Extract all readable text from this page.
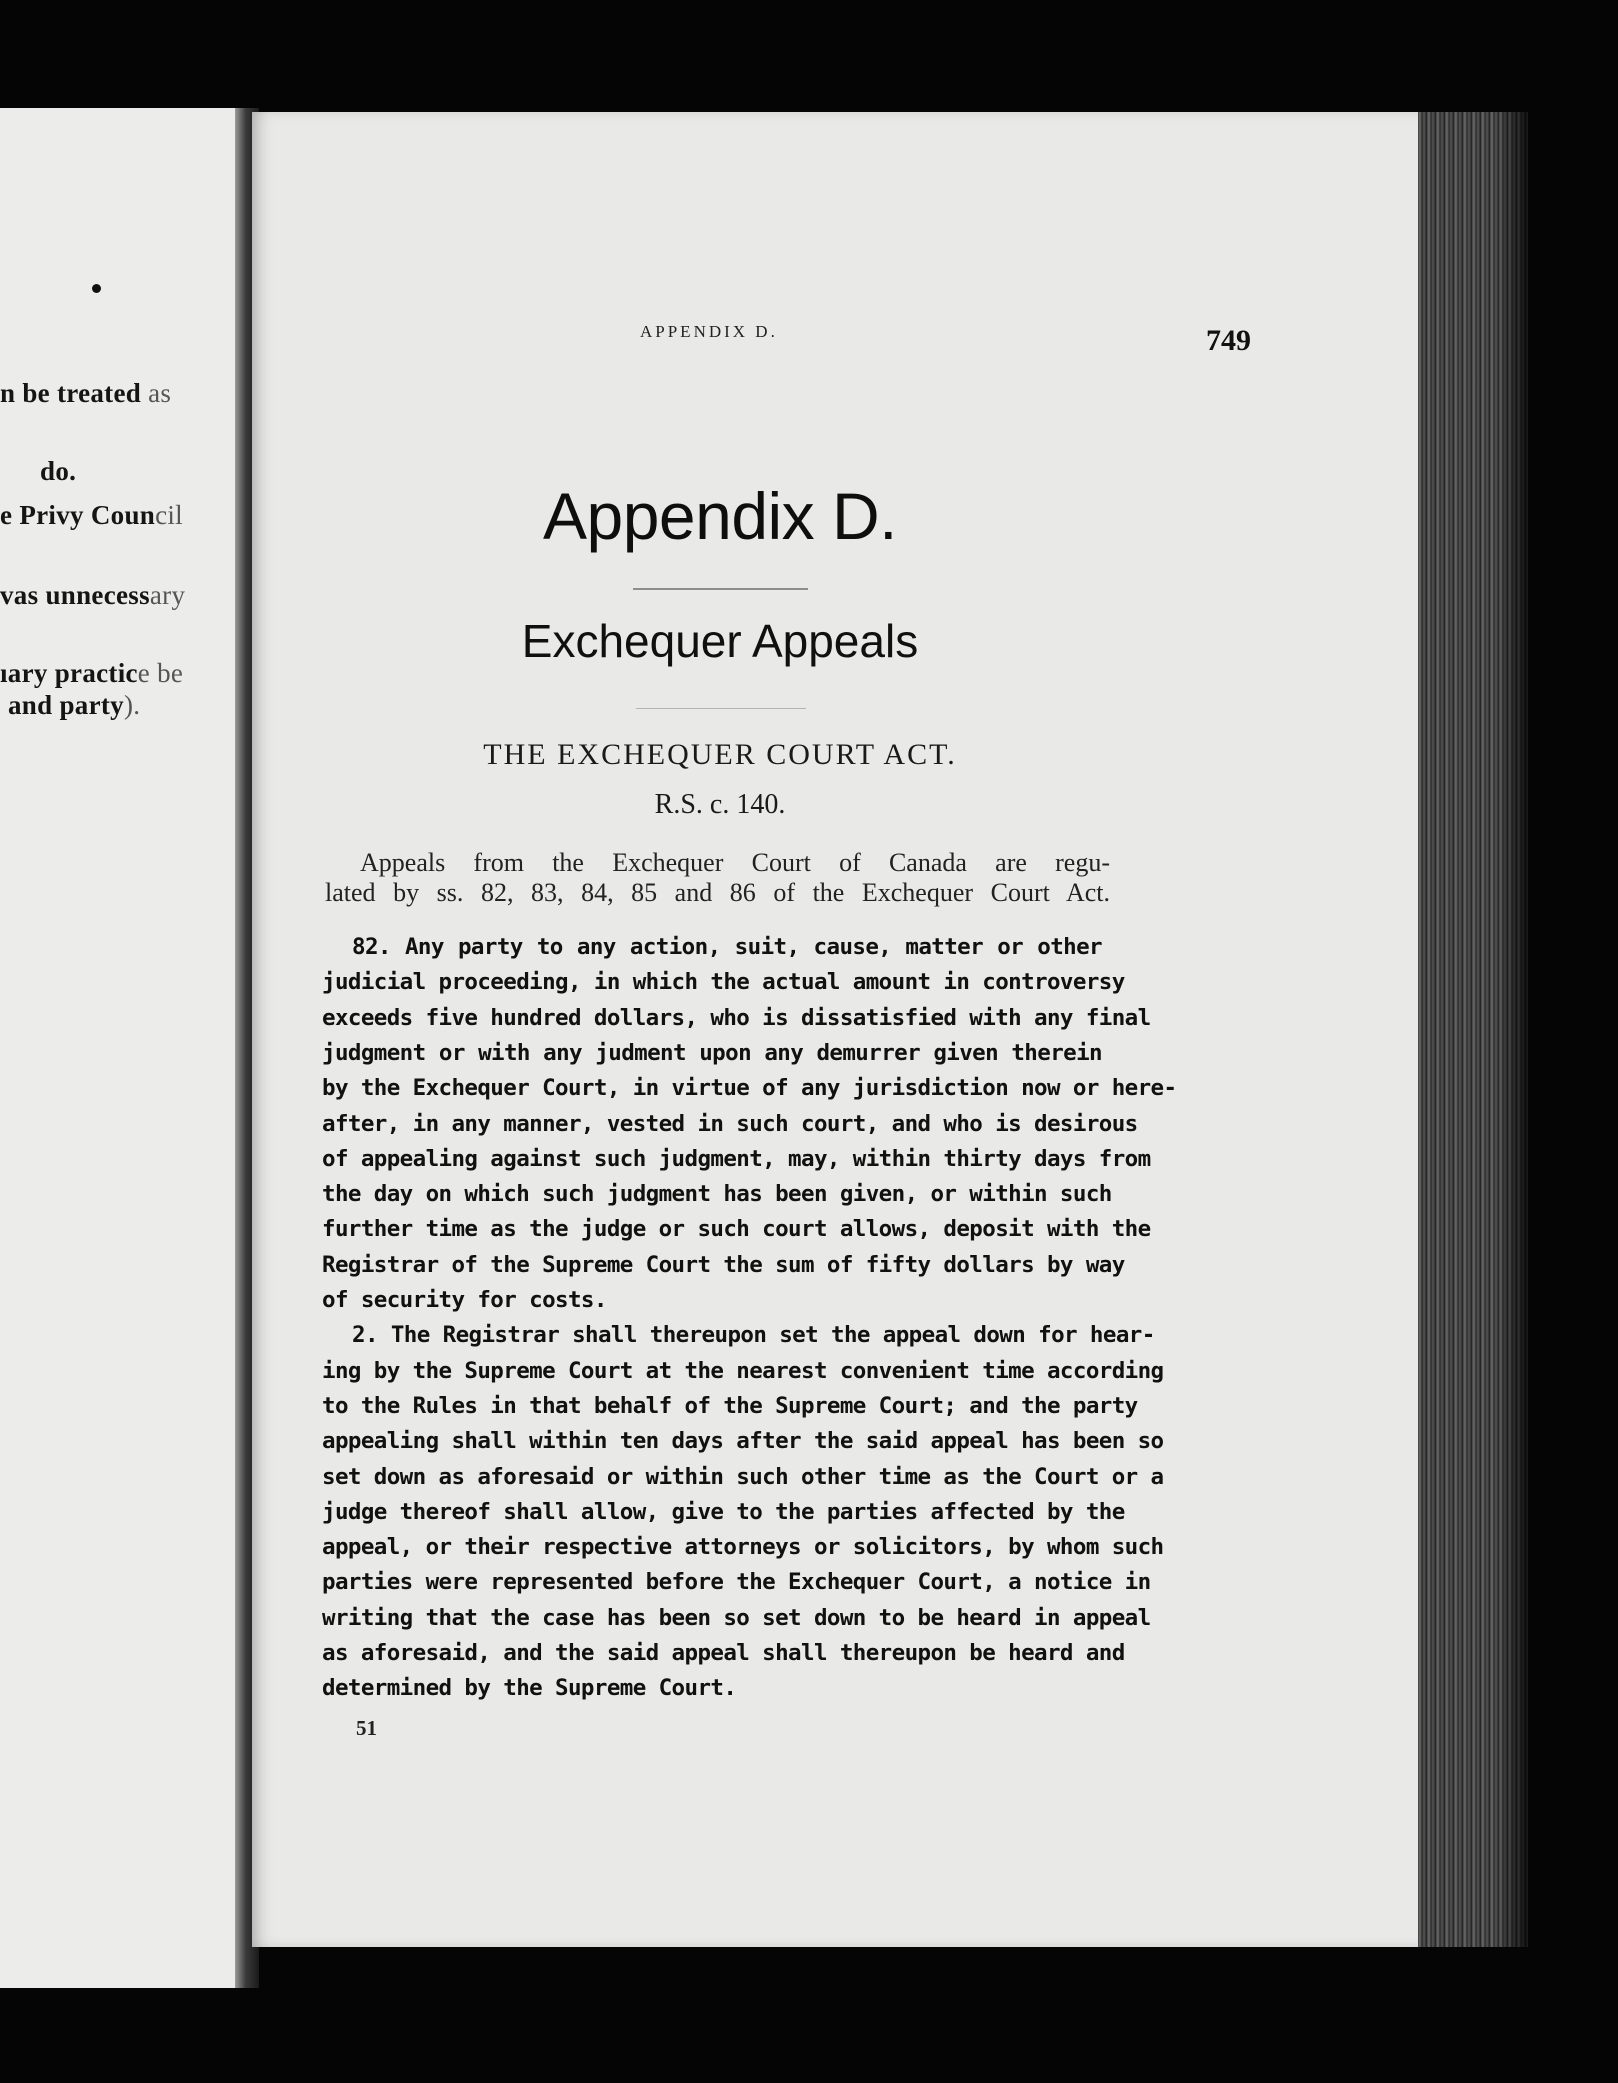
APPENDIX D.	749
Appendix D.
Exchequer Appeals
THE EXCHEQUER COURT ACT.
R.S. c. 140.
Appeals from the Exchequer Court of Canada are regu-
lated by ss. 82, 83, 84, 85 and 86 of the Exchequer Court Act.
82. Any party to any action, suit, cause, matter or other
judicial proceeding, in which the actual amount in controversy
exceeds five hundred dollars, who is dissatisfied with any final
judgment or with any judment upon any demurrer given therein
by the Exchequer Court, in virtue of any jurisdiction now or here-
after, in any manner, vested in such court, and who is desirous
of appealing against such judgment, may, within thirty days from
the day on which such judgment has been given, or within such
further time as the judge or such court allows, deposit with the
Registrar of the Supreme Court the sum of fifty dollars by way
of security for costs.
2. The Registrar shall thereupon set the appeal down for hear-
ing by the Supreme Court at the nearest convenient time according
to the Rules in that behalf of the Supreme Court; and the party
appealing shall within ten days after the said appeal has been so
set down as aforesaid or within such other time as the Court or a
judge thereof shall allow, give to the parties affected by the
appeal, or their respective attorneys or solicitors, by whom such
parties were represented before the Exchequer Court, a notice in
writing that the case has been so set down to be heard in appeal
as aforesaid, and the said appeal shall thereupon be heard and
determined by the Supreme Court.
n be treated as
do.
e Privy Council
vas unnecessary
ıary practice be
and party).
51
